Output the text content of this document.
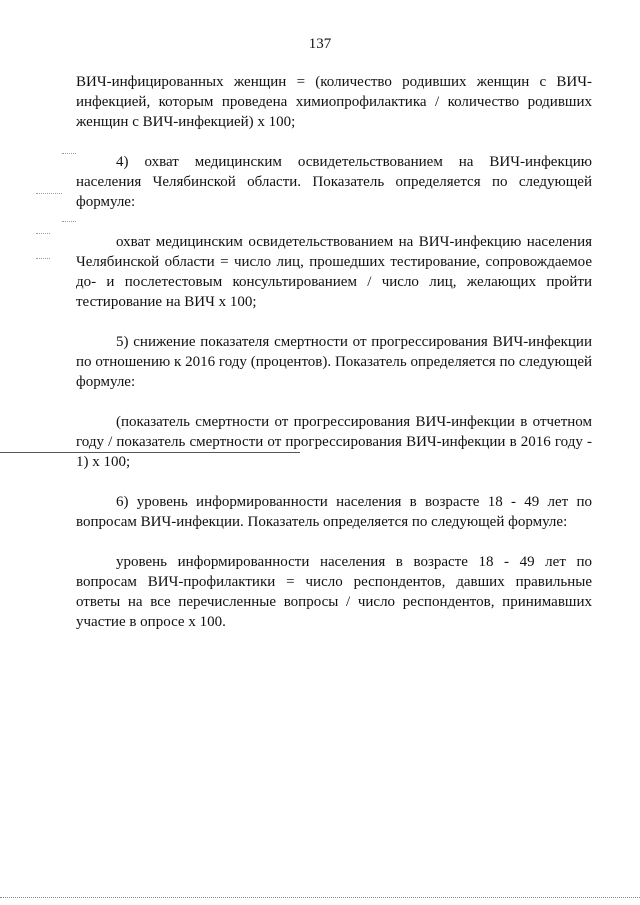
137

ВИЧ-инфицированных женщин = (количество родивших женщин с ВИЧ-инфекцией, которым проведена химиопрофилактика / количество родивших женщин с ВИЧ-инфекцией) х 100;

4) охват медицинским освидетельствованием на ВИЧ-инфекцию населения Челябинской области. Показатель определяется по следующей формуле:

охват медицинским освидетельствованием на ВИЧ-инфекцию населения Челябинской области = число лиц, прошедших тестирование, сопровождаемое до- и послетестовым консультированием / число лиц, желающих пройти тестирование на ВИЧ х 100;

5) снижение показателя смертности от прогрессирования ВИЧ-инфекции по отношению к 2016 году (процентов). Показатель определяется по следующей формуле:

(показатель смертности от прогрессирования ВИЧ-инфекции в отчетном году / показатель смертности от прогрессирования ВИЧ-инфекции в 2016 году - 1) х 100;

6) уровень информированности населения в возрасте 18 - 49 лет по вопросам ВИЧ-инфекции. Показатель определяется по следующей формуле:

уровень информированности населения в возрасте 18 - 49 лет по вопросам ВИЧ-профилактики = число респондентов, давших правильные ответы на все перечисленные вопросы / число респондентов, принимавших участие в опросе х 100.
